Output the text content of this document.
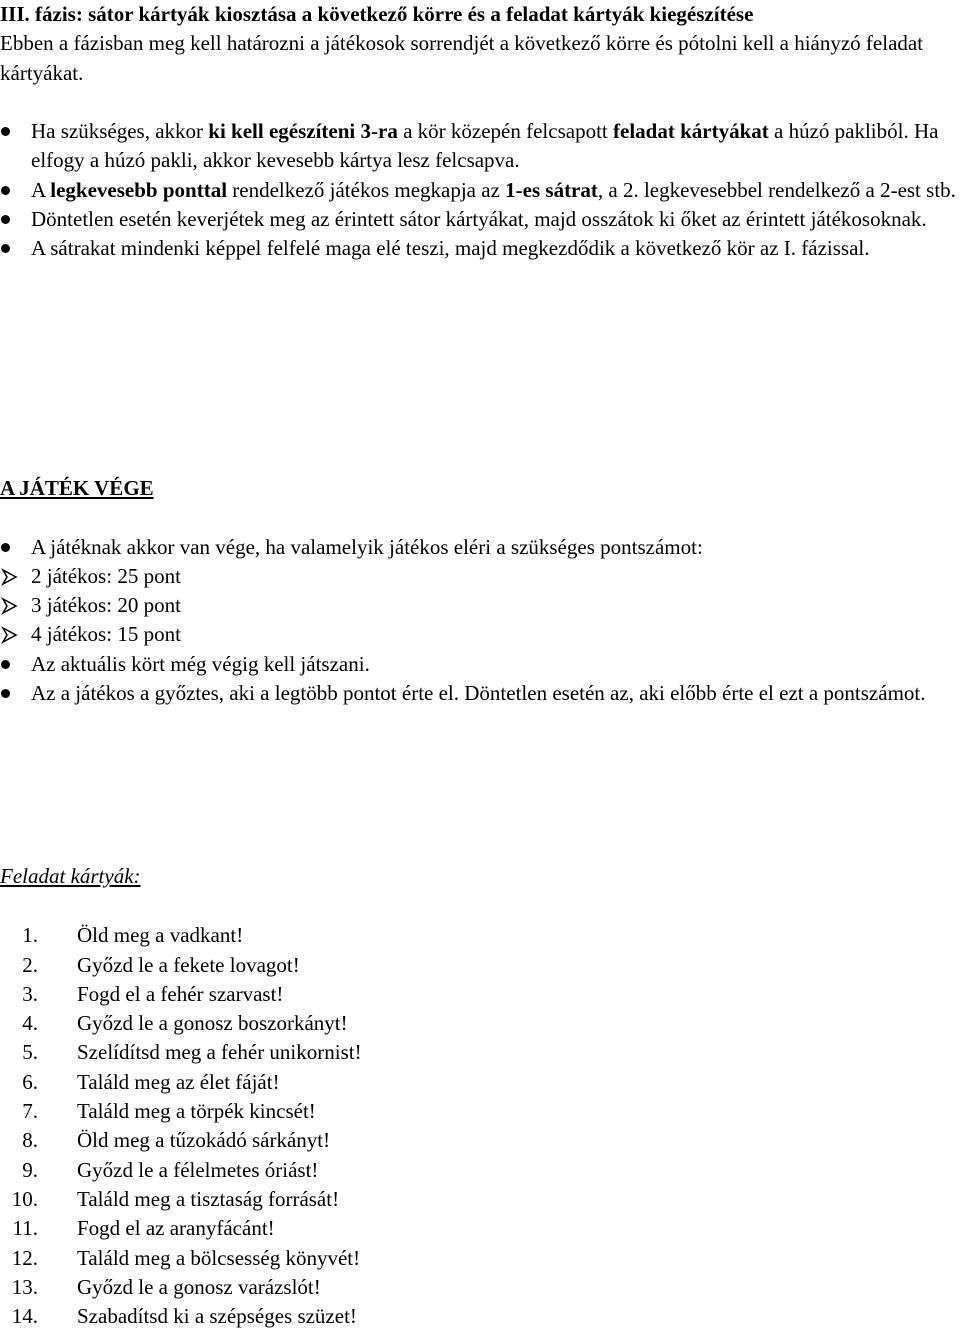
III. fázis: sátor kártyák kiosztása a következő körre és a feladat kártyák kiegészítése
Ebben a fázisban meg kell határozni a játékosok sorrendjét a következő körre és pótolni kell a hiányzó feladat kártyákat.
Ha szükséges, akkor ki kell egészíteni 3-ra a kör közepén felcsapott feladat kártyákat a húzó pakliból. Ha elfogy a húzó pakli, akkor kevesebb kártya lesz felcsapva.
A legkevesebb ponttal rendelkező játékos megkapja az 1-es sátrat, a 2. legkevesebbel rendelkező a 2-est stb.
Döntetlen esetén keverjétek meg az érintett sátor kártyákat, majd osszátok ki őket az érintett játékosoknak.
A sátrakat mindenki képpel felfelé maga elé teszi, majd megkezdődik a következő kör az I. fázissal.
A JÁTÉK VÉGE
A játéknak akkor van vége, ha valamelyik játékos eléri a szükséges pontszámot:
2 játékos: 25 pont
3 játékos: 20 pont
4 játékos: 15 pont
Az aktuális kört még végig kell játszani.
Az a játékos a győztes, aki a legtöbb pontot érte el. Döntetlen esetén az, aki előbb érte el ezt a pontszámot.
Feladat kártyák:
1. Öld meg a vadkant!
2. Győzd le a fekete lovagot!
3. Fogd el a fehér szarvast!
4. Győzd le a gonosz boszorkányt!
5. Szelídítsd meg a fehér unikornist!
6. Találd meg az élet fáját!
7. Találd meg a törpék kincsét!
8. Öld meg a tűzokádó sárkányt!
9. Győzd le a félelmetes óriást!
10. Találd meg a tisztaság forrását!
11. Fogd el az aranyfácánt!
12. Találd meg a bölcsesség könyvét!
13. Győzd le a gonosz varázslót!
14. Szabadítsd ki a szépséges szüzet!
